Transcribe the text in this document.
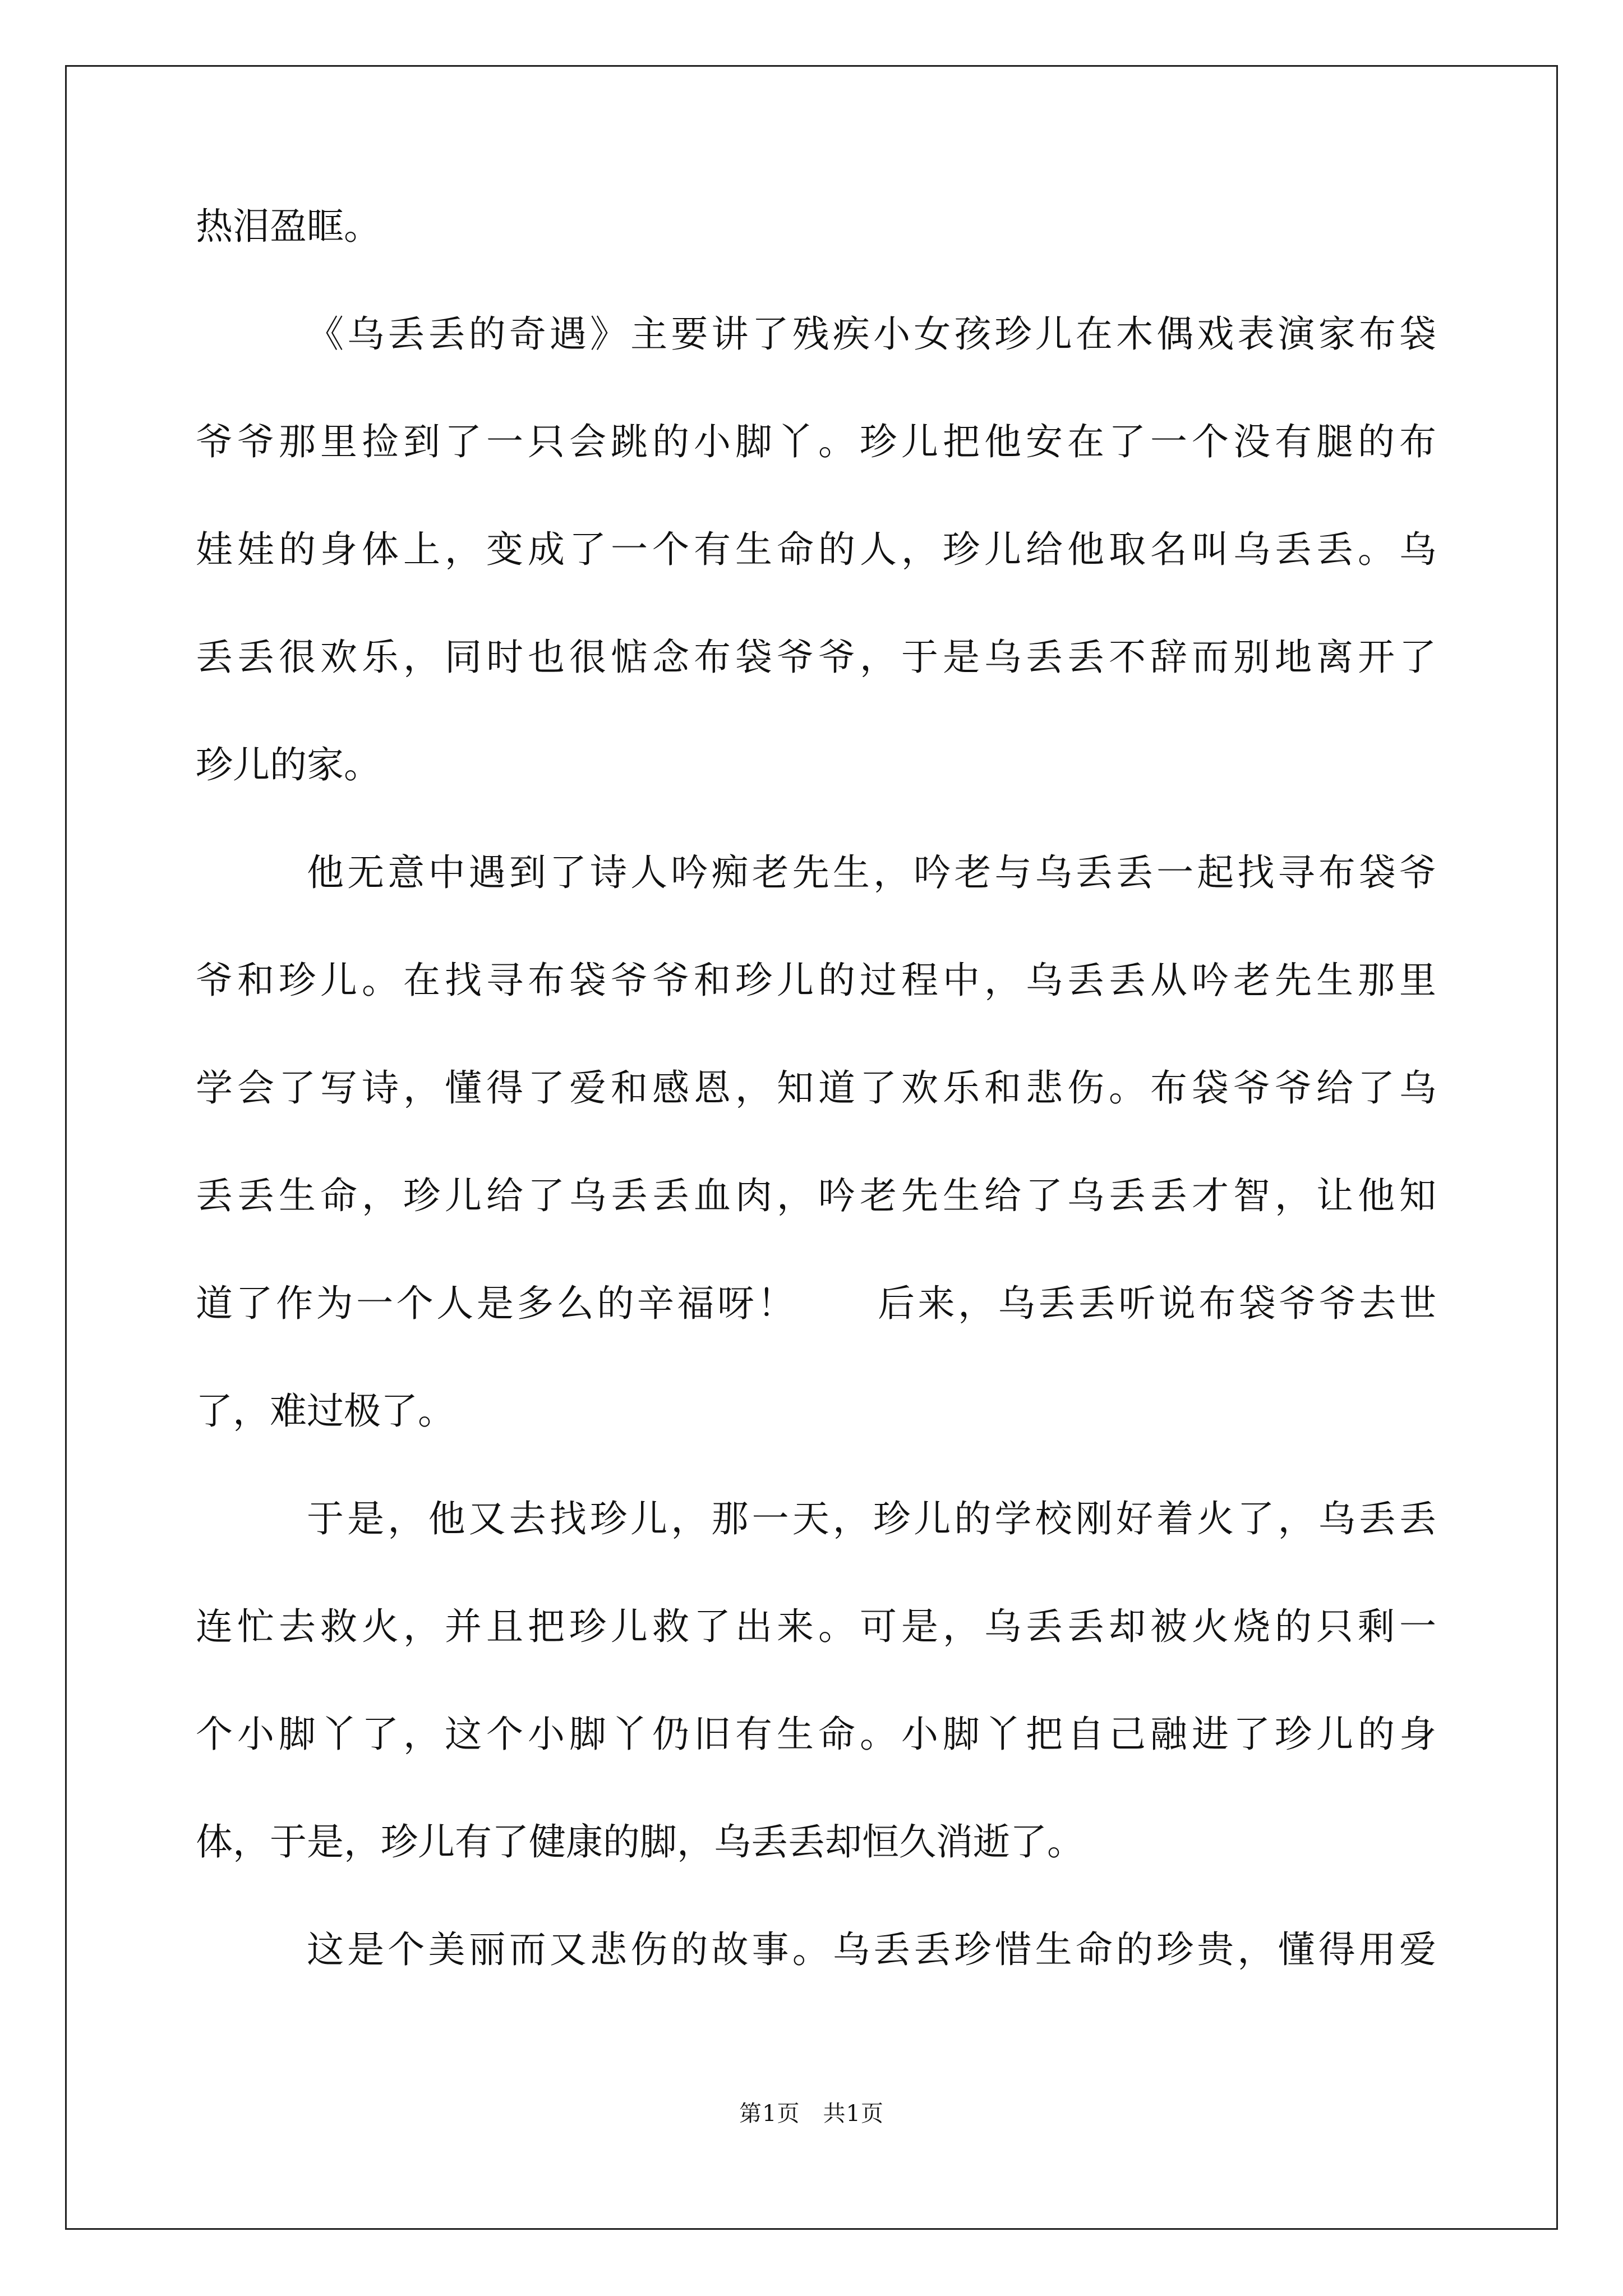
热泪盈眶。
《乌丢丢的奇遇》主要讲了残疾小女孩珍儿在木偶戏表演家布袋
爷爷那里捡到了一只会跳的小脚丫。珍儿把他安在了一个没有腿的布
娃娃的身体上，变成了一个有生命的人，珍儿给他取名叫乌丢丢。乌
丢丢很欢乐，同时也很惦念布袋爷爷，于是乌丢丢不辞而别地离开了
珍儿的家。
他无意中遇到了诗人吟痴老先生，吟老与乌丢丢一起找寻布袋爷
爷和珍儿。在找寻布袋爷爷和珍儿的过程中，乌丢丢从吟老先生那里
学会了写诗，懂得了爱和感恩，知道了欢乐和悲伤。布袋爷爷给了乌
丢丢生命，珍儿给了乌丢丢血肉，吟老先生给了乌丢丢才智，让他知
道了作为一个人是多么的辛福呀！　　后来，乌丢丢听说布袋爷爷去世
了，难过极了。
于是，他又去找珍儿，那一天，珍儿的学校刚好着火了，乌丢丢
连忙去救火，并且把珍儿救了出来。可是，乌丢丢却被火烧的只剩一
个小脚丫了，这个小脚丫仍旧有生命。小脚丫把自己融进了珍儿的身
体，于是，珍儿有了健康的脚，乌丢丢却恒久消逝了。
这是个美丽而又悲伤的故事。乌丢丢珍惜生命的珍贵，懂得用爱
第1页　共1页
